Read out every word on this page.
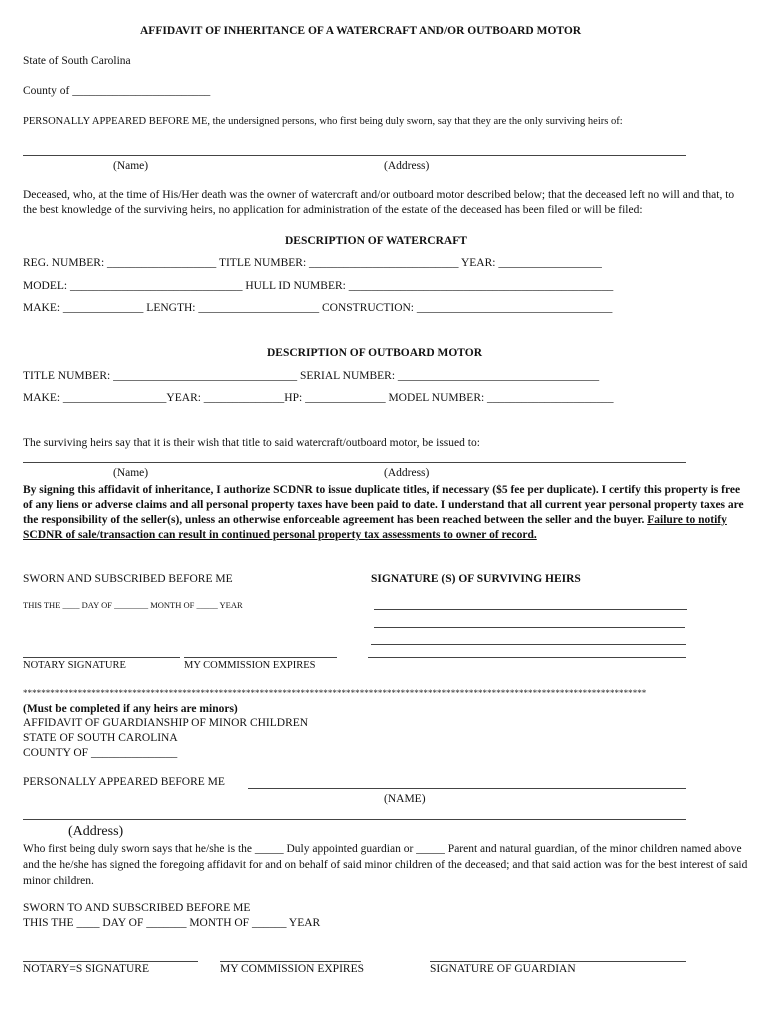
AFFIDAVIT OF INHERITANCE OF A WATERCRAFT AND/OR OUTBOARD MOTOR
State of South Carolina
County of ________________________
PERSONALLY APPEARED BEFORE ME, the undersigned persons, who first being duly sworn, say that they are the only surviving heirs of:
(Name)	(Address)
Deceased, who, at the time of His/Her death was the owner of watercraft and/or outboard motor described below; that the deceased left no will and that, to the best knowledge of the surviving heirs, no application for administration of the estate of the deceased has been filed or will be filed:
DESCRIPTION OF WATERCRAFT
REG. NUMBER: ___________________ TITLE NUMBER: __________________________ YEAR: __________________
MODEL: ______________________________ HULL ID NUMBER: ______________________________________________
MAKE: ______________ LENGTH: _____________________ CONSTRUCTION: __________________________________
DESCRIPTION OF OUTBOARD MOTOR
TITLE NUMBER: ________________________________ SERIAL NUMBER: ___________________________________
MAKE: __________________YEAR: ______________HP: ______________ MODEL NUMBER: ______________________
The surviving heirs say that it is their wish that title to said watercraft/outboard motor, be issued to:
(Name)	(Address)
By signing this affidavit of inheritance, I authorize SCDNR to issue duplicate titles, if necessary ($5 fee per duplicate). I certify this property is free of any liens or adverse claims and all personal property taxes have been paid to date. I understand that all current year personal property taxes are the responsibility of the seller(s), unless an otherwise enforceable agreement has been reached between the seller and the buyer. Failure to notify SCDNR of sale/transaction can result in continued personal property tax assessments to owner of record.
SWORN AND SUBSCRIBED BEFORE ME	SIGNATURE (S) OF SURVIVING HEIRS
THIS THE ____ DAY OF ________ MONTH OF _____ YEAR
NOTARY SIGNATURE	MY COMMISSION EXPIRES
*****************************************************************************************************************************************
(Must be completed if any heirs are minors)
AFFIDAVIT OF GUARDIANSHIP OF MINOR CHILDREN
STATE OF SOUTH CAROLINA
COUNTY OF _______________
PERSONALLY APPEARED BEFORE ME
(NAME)
(Address)
Who first being duly sworn says that he/she is the _____ Duly appointed guardian or _____ Parent and natural guardian, of the minor children named above and the he/she has signed the foregoing affidavit for and on behalf of said minor children of the deceased; and that said action was for the best interest of said minor children.
SWORN TO AND SUBSCRIBED BEFORE ME
THIS THE ____ DAY OF _______ MONTH OF ______ YEAR
NOTARY=S SIGNATURE	MY COMMISSION EXPIRES	SIGNATURE OF GUARDIAN
